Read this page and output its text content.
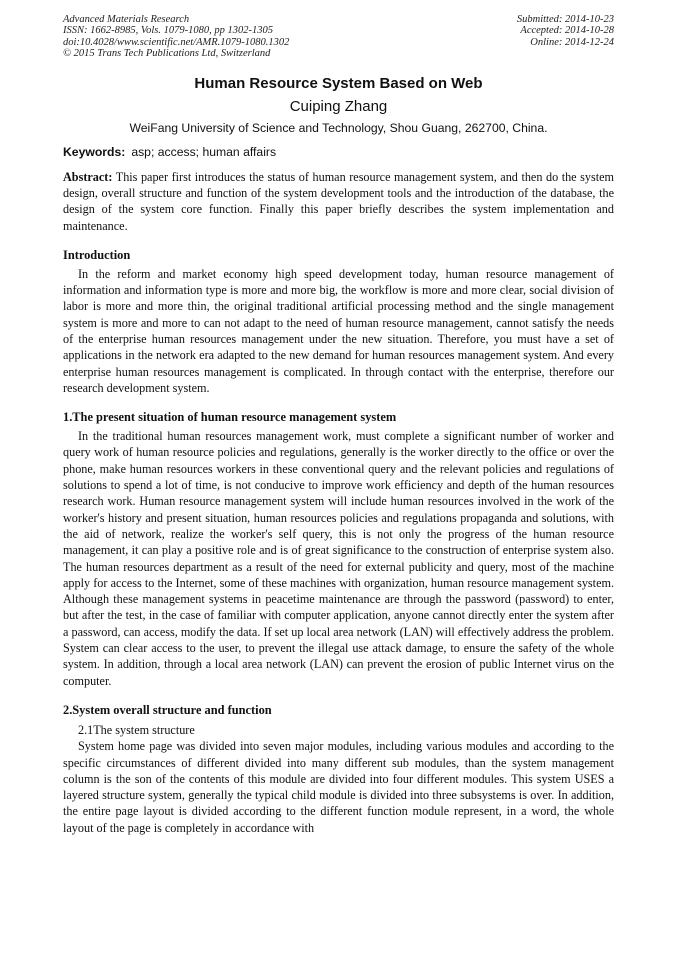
Advanced Materials Research
ISSN: 1662-8985, Vols. 1079-1080, pp 1302-1305
doi:10.4028/www.scientific.net/AMR.1079-1080.1302
© 2015 Trans Tech Publications Ltd, Switzerland
Submitted: 2014-10-23
Accepted: 2014-10-28
Online: 2014-12-24
Human Resource System Based on Web
Cuiping Zhang
WeiFang University of Science and Technology, Shou Guang, 262700, China.
Keywords: asp; access; human affairs
Abstract: This paper first introduces the status of human resource management system, and then do the system design, overall structure and function of the system development tools and the introduction of the database, the design of the system core function. Finally this paper briefly describes the system implementation and maintenance.
Introduction

In the reform and market economy high speed development today, human resource management of information and information type is more and more big, the workflow is more and more clear, social division of labor is more and more thin, the original traditional artificial processing method and the single management system is more and more to can not adapt to the need of human resource management, cannot satisfy the needs of the enterprise human resources management under the new situation. Therefore, you must have a set of applications in the network era adapted to the new demand for human resources management system. And every enterprise human resources management is complicated. In through contact with the enterprise, therefore our research development system.

1.The present situation of human resource management system

In the traditional human resources management work, must complete a significant number of worker and query work of human resource policies and regulations, generally is the worker directly to the office or over the phone, make human resources workers in these conventional query and the relevant policies and regulations of solutions to spend a lot of time, is not conducive to improve work efficiency and depth of the human resources research work. Human resource management system will include human resources involved in the work of the worker's history and present situation, human resources policies and regulations propaganda and solutions, with the aid of network, realize the worker's self query, this is not only the progress of the human resource management, it can play a positive role and is of great significance to the construction of enterprise system also. The human resources department as a result of the need for external publicity and query, most of the machine apply for access to the Internet, some of these machines with organization, human resource management system. Although these management systems in peacetime maintenance are through the password (password) to enter, but after the test, in the case of familiar with computer application, anyone cannot directly enter the system after a password, can access, modify the data. If set up local area network (LAN) will effectively address the problem. System can clear access to the user, to prevent the illegal use attack damage, to ensure the safety of the whole system. In addition, through a local area network (LAN) can prevent the erosion of public Internet virus on the computer.

2.System overall structure and function

2.1The system structure

System home page was divided into seven major modules, including various modules and according to the specific circumstances of different divided into many different sub modules, than the system management column is the son of the contents of this module are divided into four different modules. This system USES a layered structure system, generally the typical child module is divided into three subsystems is over. In addition, the entire page layout is divided according to the different function module represent, in a word, the whole layout of the page is completely in accordance with
